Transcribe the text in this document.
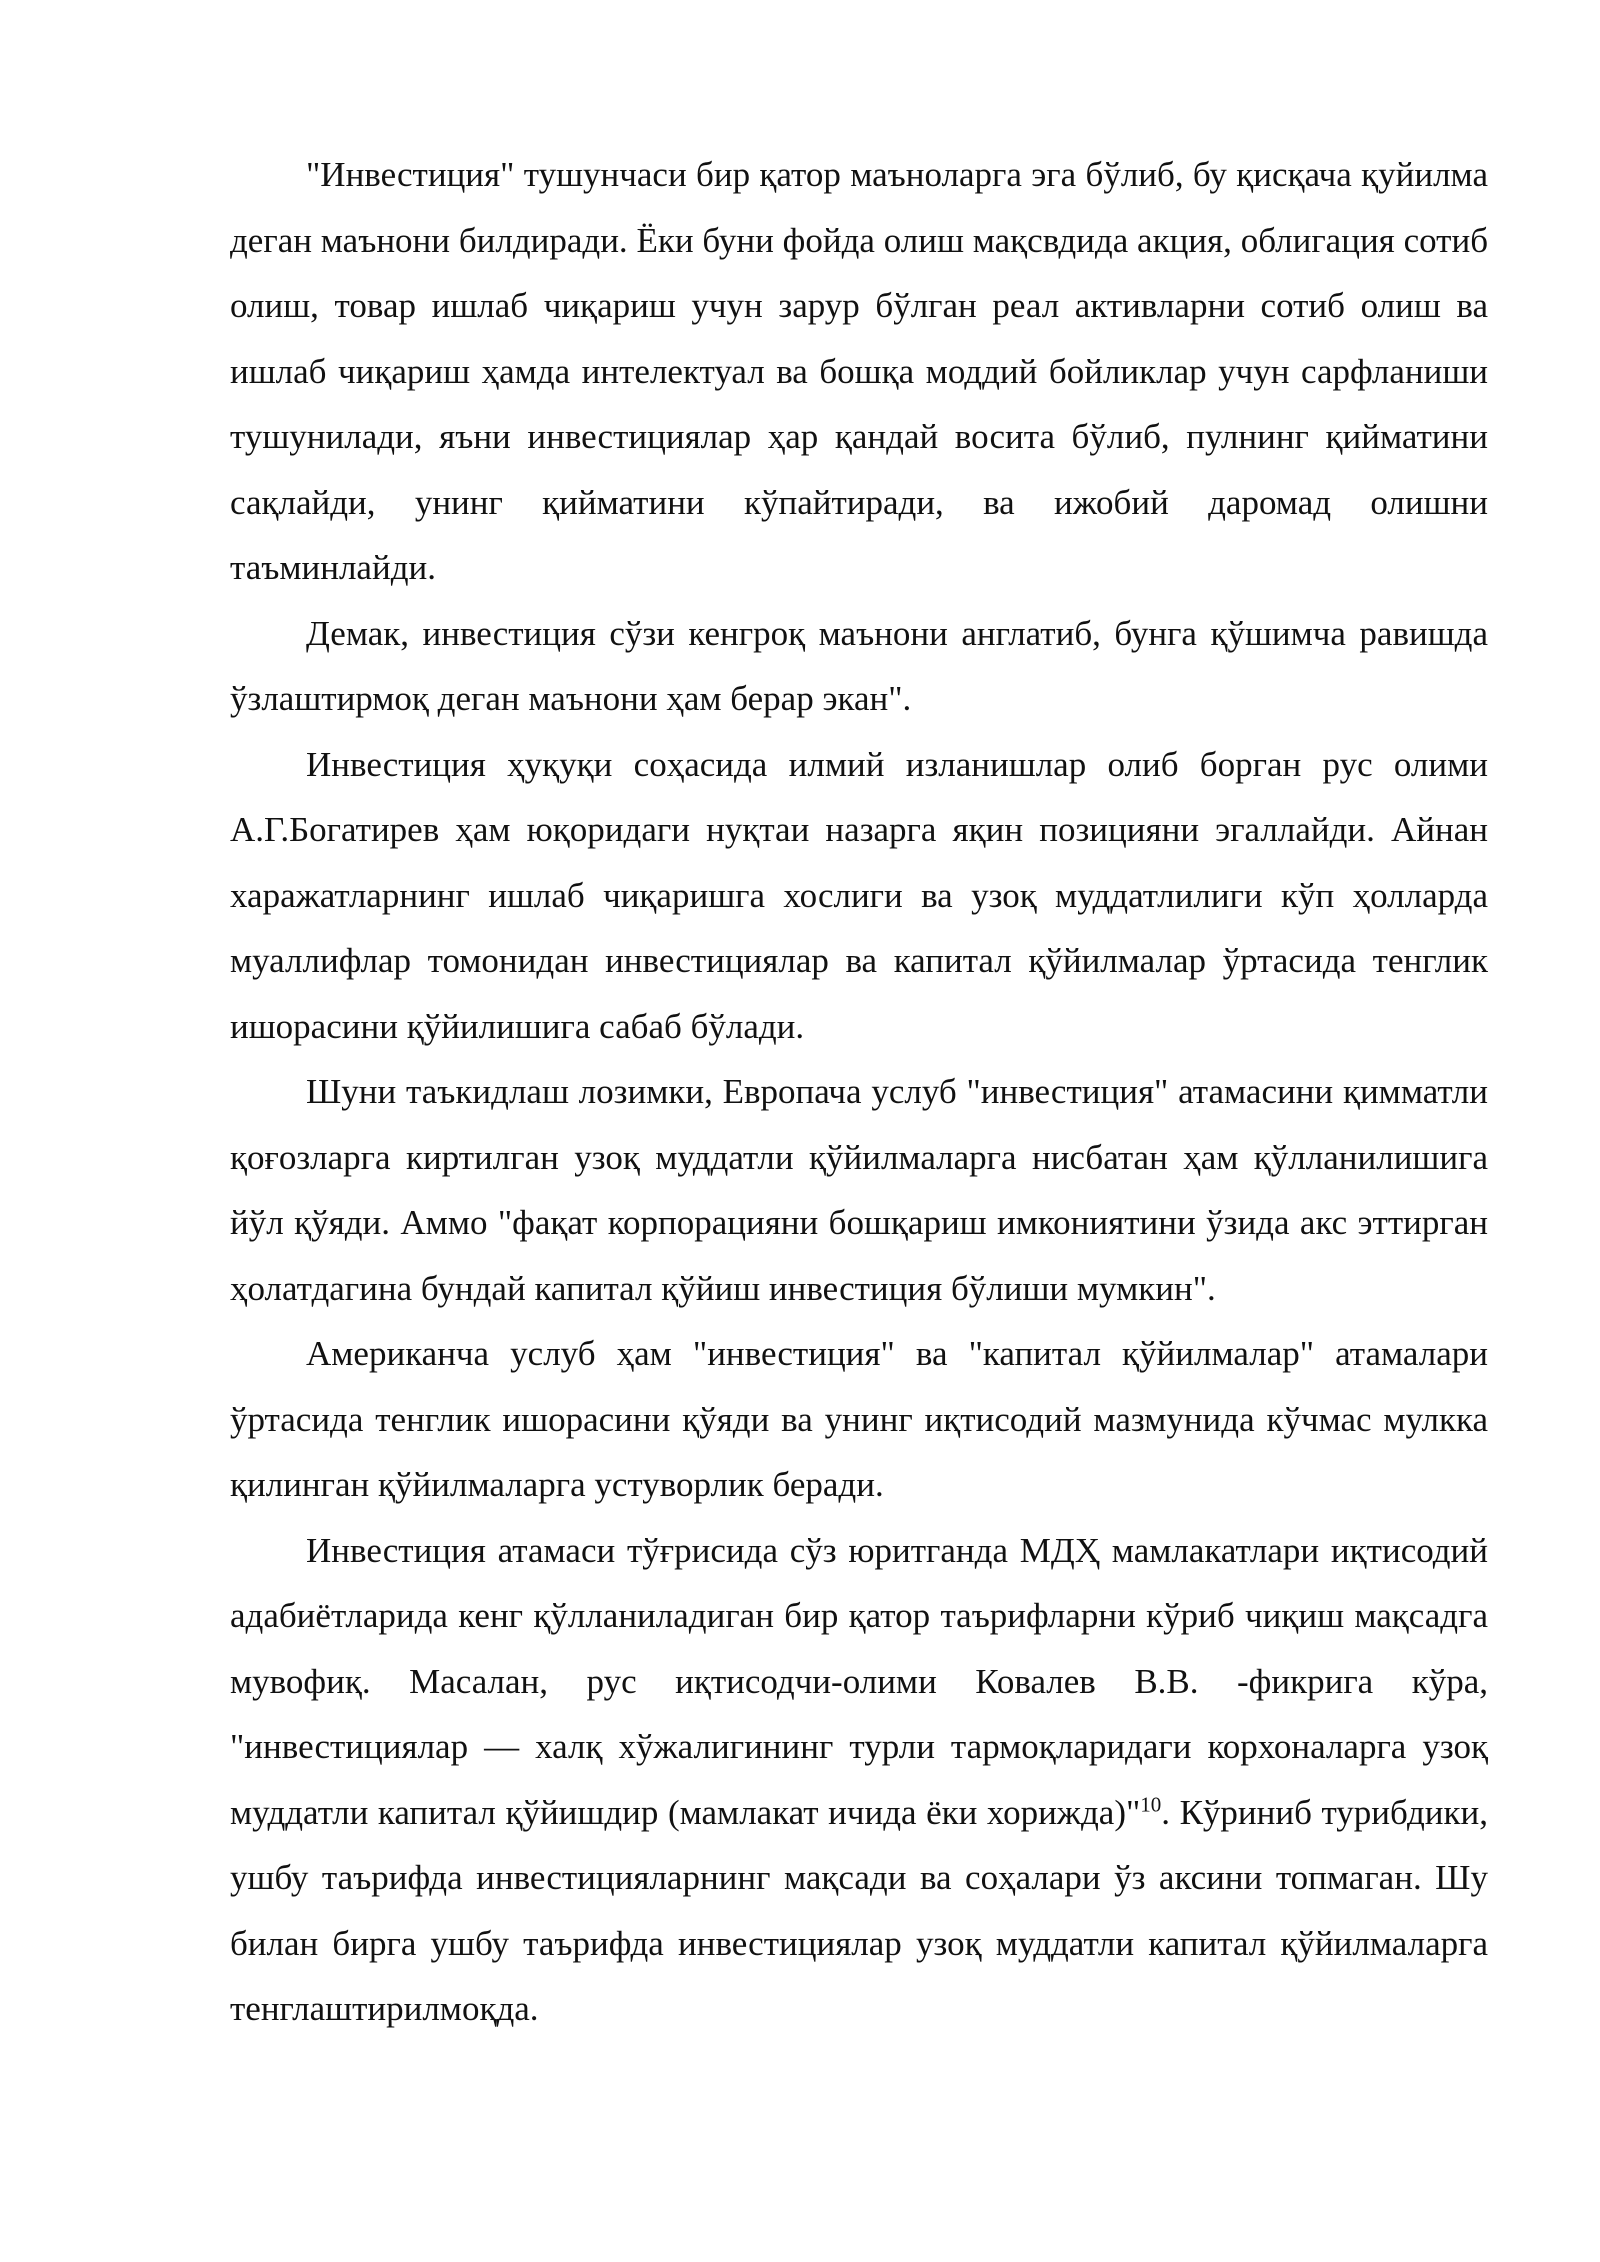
"Инвестиция" тушунчаси бир қатор маъноларга эга бўлиб, бу қисқача қуйилма деган маънони билдиради. Ёки буни фойда олиш мақсвдида акция, облигация сотиб олиш, товар ишлаб чиқариш учун зарур бўлган реал активларни сотиб олиш ва ишлаб чиқариш ҳамда интелектуал ва бошқа моддий бойликлар учун сарфланиши тушунилади, яъни инвестициялар ҳар қандай восита бўлиб, пулнинг қийматини сақлайди, унинг қийматини кўпайтиради, ва ижобий даромад олишни таъминлайди.

Демак, инвестиция сўзи кенгроқ маънони англатиб, бунга қўшимча равишда ўзлаштирмоқ деган маънони ҳам берар экан".

Инвестиция ҳуқуқи соҳасида илмий изланишлар олиб борган рус олими А.Г.Богатирев ҳам юқоридаги нуқтаи назарга яқин позицияни эгаллайди. Айнан харажатларнинг ишлаб чиқаришга хослиги ва узоқ муддатлилиги кўп ҳолларда муаллифлар томонидан инвестициялар ва капитал қўйилмалар ўртасида тенглик ишорасини қўйилишига сабаб бўлади.

Шуни таъкидлаш лозимки, Европача услуб "инвестиция" атамасини қимматли қоғозларга киртилган узоқ муддатли қўйилмаларга нисбатан ҳам қўлланилишига йўл қўяди. Аммо "фақат корпорацияни бошқариш имкониятини ўзида акс эттирган ҳолатдагина бундай капитал қўйиш инвестиция бўлиши мумкин".

Американча услуб ҳам "инвестиция" ва "капитал қўйилмалар" атамалари ўртасида тенглик ишорасини қўяди ва унинг иқтисодий мазмунида кўчмас мулкка қилинган қўйилмаларга устуворлик беради.

Инвестиция атамаси тўғрисида сўз юритганда МДҲ мамлакатлари иқтисодий адабиётларида кенг қўлланиладиган бир қатор таърифларни кўриб чиқиш мақсадга мувофиқ. Масалан, рус иқтисодчи-олими Ковалев В.В. -фикрига кўра, "инвестициялар — халқ хўжалигининг турли тармоқларидаги корхоналарга узоқ муддатли капитал қўйишдир (мамлакат ичида ёки хорижда)"$^{10}$. Кўриниб турибдики, ушбу таърифда инвестицияларнинг мақсади ва соҳалари ўз аксини топмаган. Шу билан бирга ушбу таърифда инвестициялар узоқ муддатли капитал қўйилмаларга тенглаштирилмоқда.
